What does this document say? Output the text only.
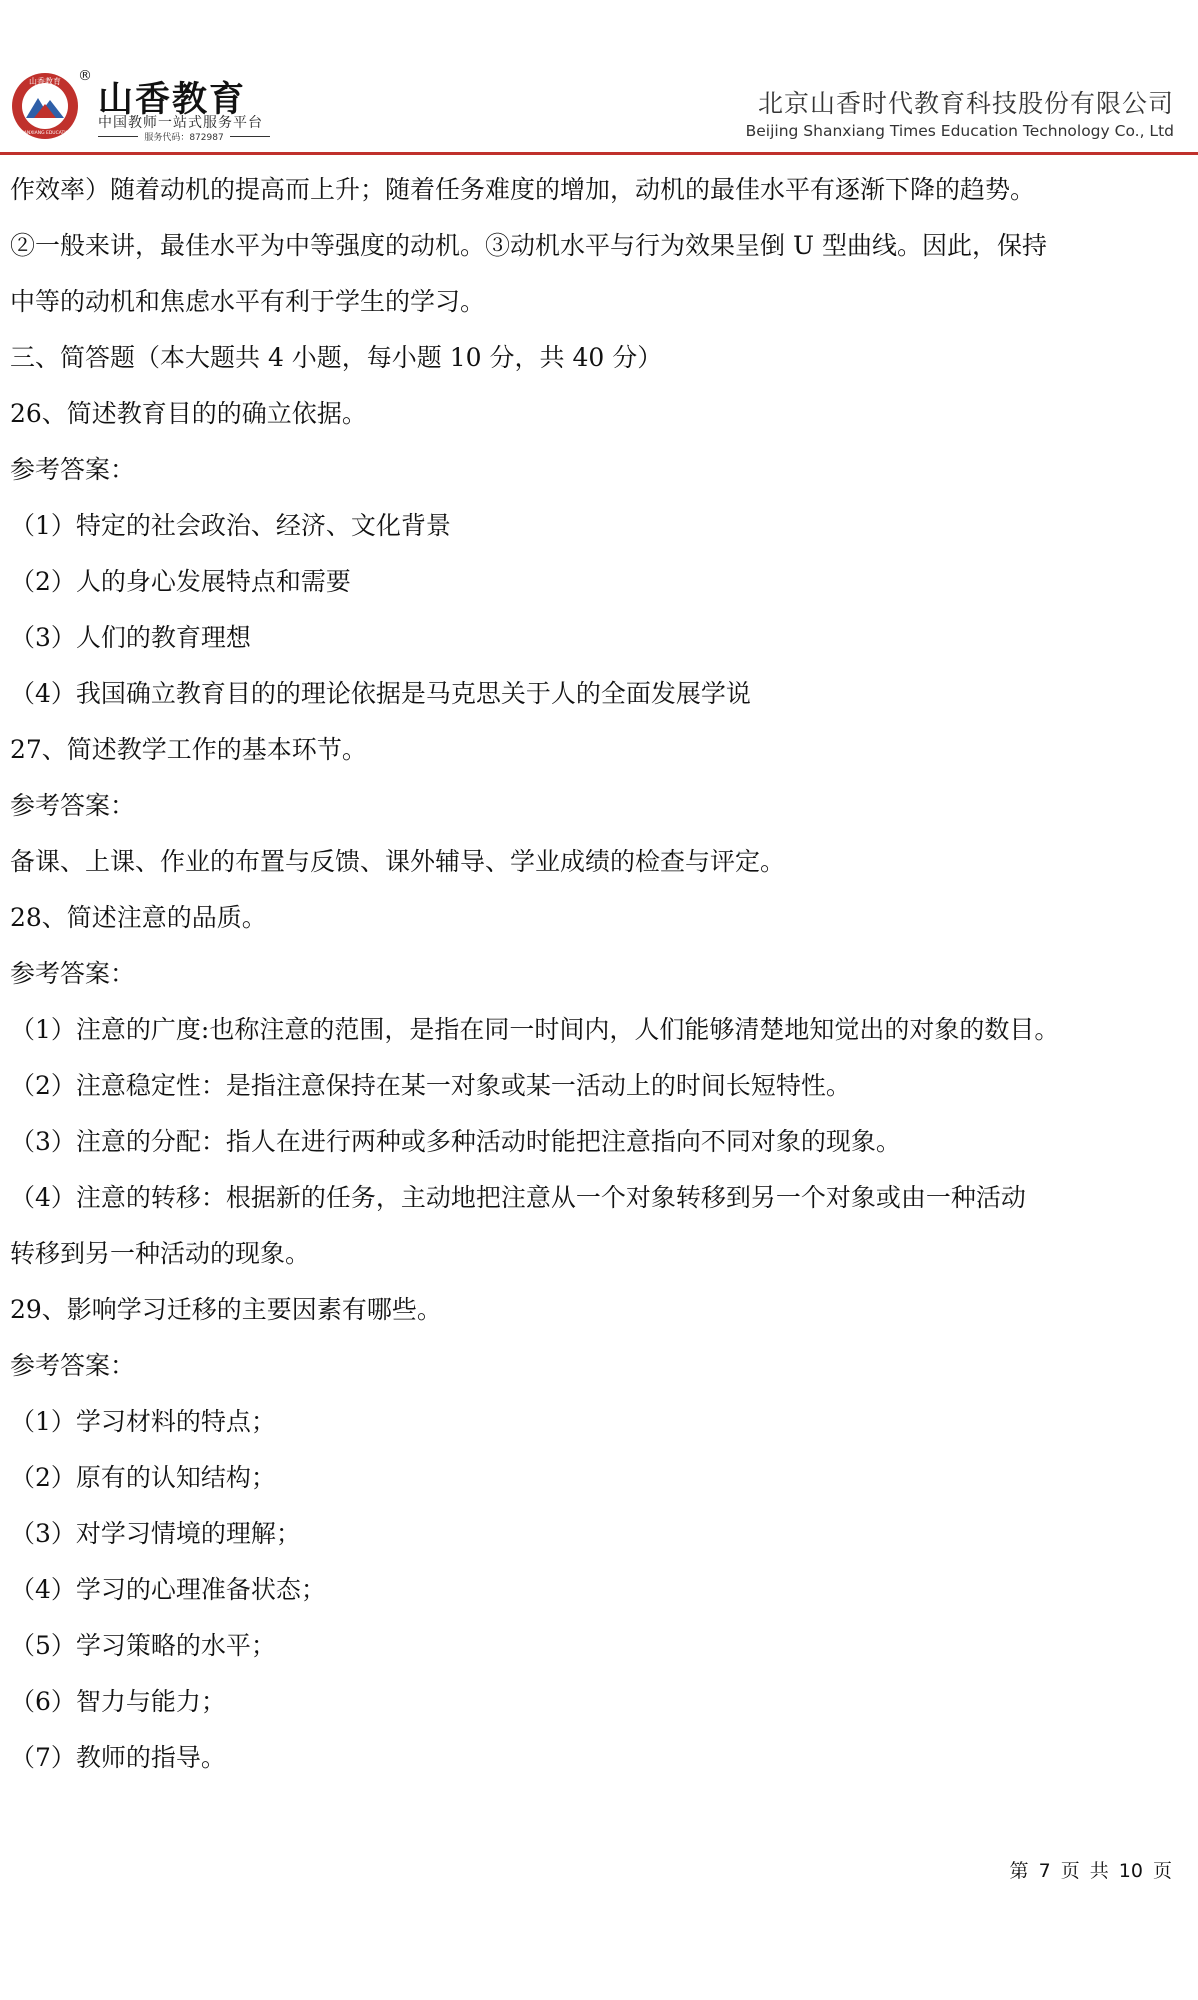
山香教育
SHANXIANG EDUCATION
®
山香教育
中国教师一站式服务平台
服务代码：872987
北京山香时代教育科技股份有限公司
Beijing Shanxiang Times Education Technology Co., Ltd
作效率）随着动机的提高而上升；随着任务难度的增加，动机的最佳水平有逐渐下降的趋势。
②一般来讲，最佳水平为中等强度的动机。③动机水平与行为效果呈倒 U 型曲线。因此，保持
中等的动机和焦虑水平有利于学生的学习。
三、简答题（本大题共 4 小题，每小题 10 分，共 40 分）
26、简述教育目的的确立依据。
参考答案：
（1）特定的社会政治、经济、文化背景
（2）人的身心发展特点和需要
（3）人们的教育理想
（4）我国确立教育目的的理论依据是马克思关于人的全面发展学说
27、简述教学工作的基本环节。
参考答案：
备课、上课、作业的布置与反馈、课外辅导、学业成绩的检查与评定。
28、简述注意的品质。
参考答案：
（1）注意的广度:也称注意的范围，是指在同一时间内，人们能够清楚地知觉出的对象的数目。
（2）注意稳定性：是指注意保持在某一对象或某一活动上的时间长短特性。
（3）注意的分配：指人在进行两种或多种活动时能把注意指向不同对象的现象。
（4）注意的转移：根据新的任务，主动地把注意从一个对象转移到另一个对象或由一种活动
转移到另一种活动的现象。
29、影响学习迁移的主要因素有哪些。
参考答案：
（1）学习材料的特点；
（2）原有的认知结构；
（3）对学习情境的理解；
（4）学习的心理准备状态；
（5）学习策略的水平；
（6）智力与能力；
（7）教师的指导。
第 7 页 共 10 页
